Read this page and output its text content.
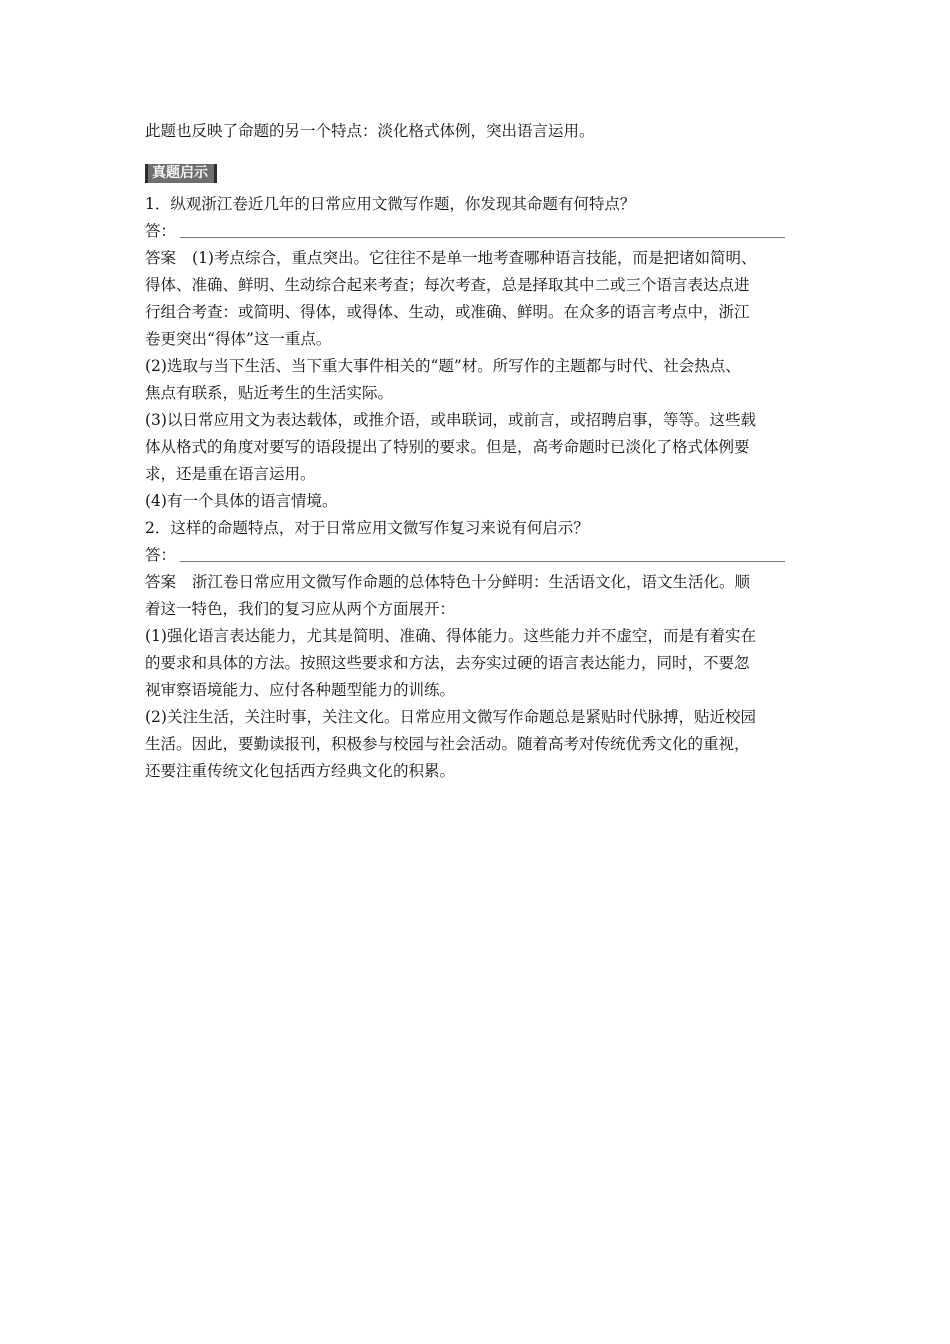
此题也反映了命题的另一个特点：淡化格式体例，突出语言运用。
真题启示
1．纵观浙江卷近几年的日常应用文微写作题，你发现其命题有何特点？
答：
答案 (1)考点综合，重点突出。它往往不是单一地考查哪种语言技能，而是把诸如简明、
得体、准确、鲜明、生动综合起来考查；每次考查，总是择取其中二或三个语言表达点进
行组合考查：或简明、得体，或得体、生动，或准确、鲜明。在众多的语言考点中，浙江
卷更突出“得体”这一重点。
(2)选取与当下生活、当下重大事件相关的“题”材。所写作的主题都与时代、社会热点、
焦点有联系，贴近考生的生活实际。
(3)以日常应用文为表达载体，或推介语，或串联词，或前言，或招聘启事，等等。这些载
体从格式的角度对要写的语段提出了特别的要求。但是，高考命题时已淡化了格式体例要
求，还是重在语言运用。
(4)有一个具体的语言情境。
2．这样的命题特点，对于日常应用文微写作复习来说有何启示？
答：
答案 浙江卷日常应用文微写作命题的总体特色十分鲜明：生活语文化，语文生活化。顺
着这一特色，我们的复习应从两个方面展开：
(1)强化语言表达能力，尤其是简明、准确、得体能力。这些能力并不虚空，而是有着实在
的要求和具体的方法。按照这些要求和方法，去夯实过硬的语言表达能力，同时，不要忽
视审察语境能力、应付各种题型能力的训练。
(2)关注生活，关注时事，关注文化。日常应用文微写作命题总是紧贴时代脉搏，贴近校园
生活。因此，要勤读报刊，积极参与校园与社会活动。随着高考对传统优秀文化的重视，
还要注重传统文化包括西方经典文化的积累。
